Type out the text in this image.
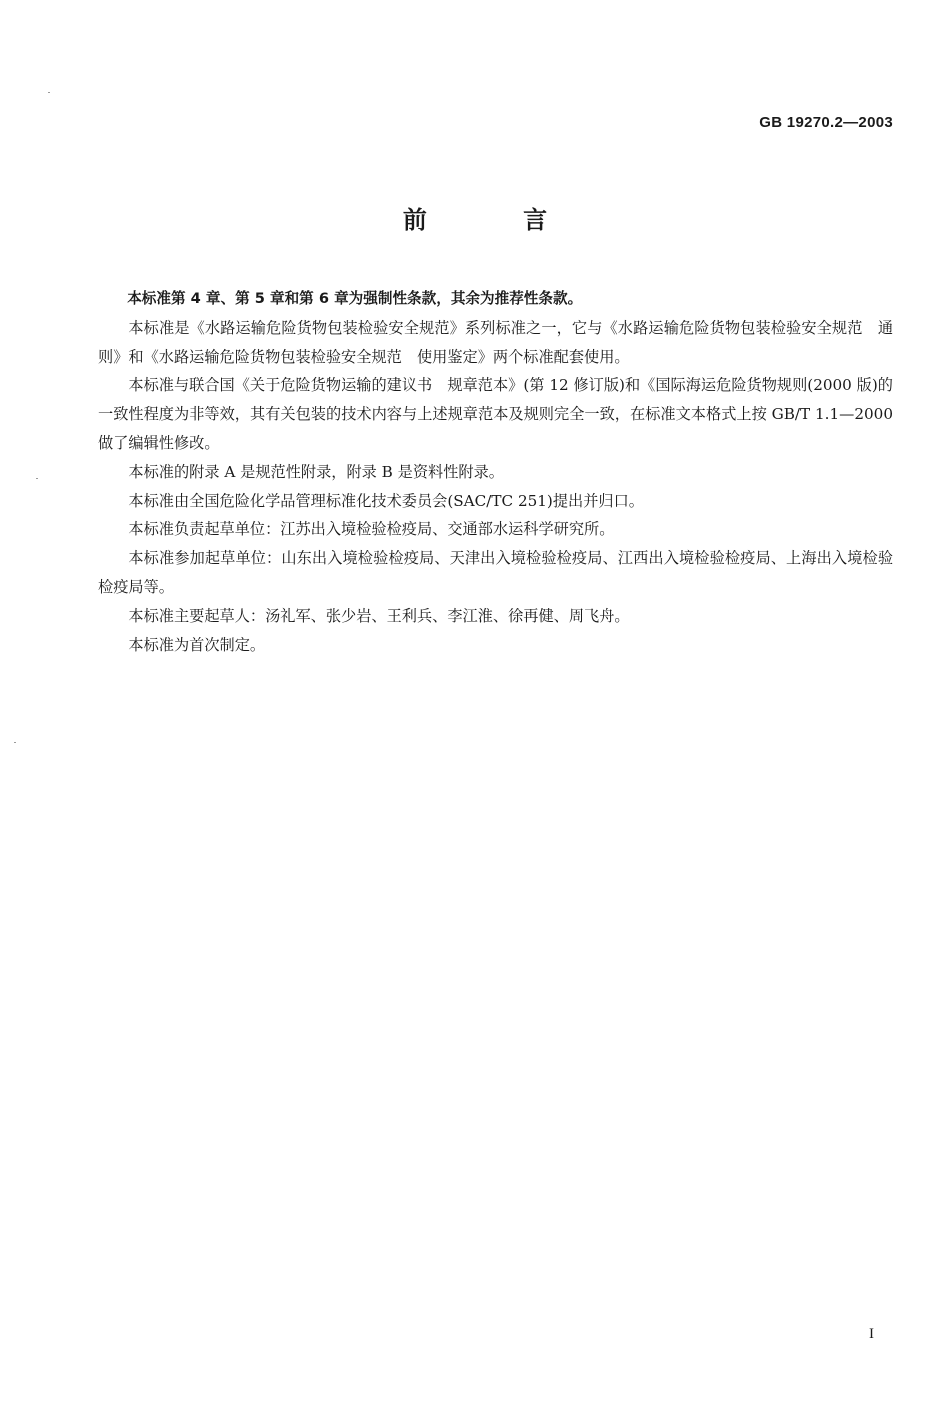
GB 19270.2—2003
前 言

本标准第 4 章、第 5 章和第 6 章为强制性条款，其余为推荐性条款。

本标准是《水路运输危险货物包装检验安全规范》系列标准之一，它与《水路运输危险货物包装检验安全规范　通则》和《水路运输危险货物包装检验安全规范　使用鉴定》两个标准配套使用。

本标准与联合国《关于危险货物运输的建议书　规章范本》(第 12 修订版)和《国际海运危险货物规则(2000 版)的一致性程度为非等效，其有关包装的技术内容与上述规章范本及规则完全一致，在标准文本格式上按 GB/T 1.1—2000 做了编辑性修改。

本标准的附录 A 是规范性附录，附录 B 是资料性附录。

本标准由全国危险化学品管理标准化技术委员会(SAC/TC 251)提出并归口。

本标准负责起草单位：江苏出入境检验检疫局、交通部水运科学研究所。

本标准参加起草单位：山东出入境检验检疫局、天津出入境检验检疫局、江西出入境检验检疫局、上海出入境检验检疫局等。

本标准主要起草人：汤礼军、张少岩、王利兵、李江淮、徐再健、周飞舟。

本标准为首次制定。

I
